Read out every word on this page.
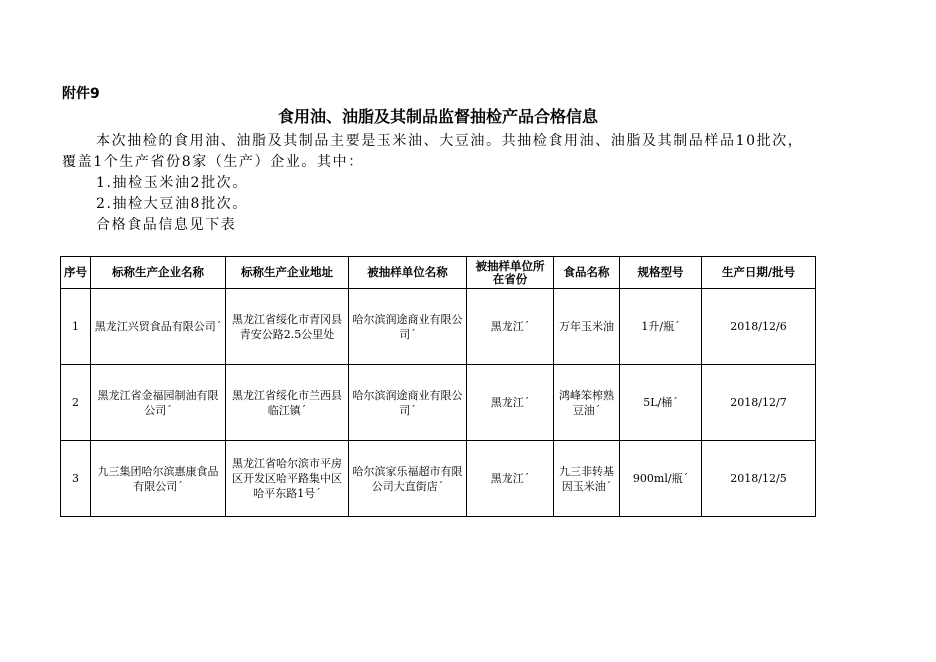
附件9
食用油、油脂及其制品监督抽检产品合格信息

本次抽检的食用油、油脂及其制品主要是玉米油、大豆油。共抽检食用油、油脂及其制品样品10批次，覆盖1个生产省份8家（生产）企业。其中：

1.抽检玉米油2批次。

2.抽检大豆油8批次。

合格食品信息见下表

序号	标称生产企业名称	标称生产企业地址	被抽样单位名称	被抽样单位所在省份	食品名称	规格型号	生产日期/批号
1	黑龙江兴贸食品有限公司´	黑龙江省绥化市青冈县青安公路2.5公里处	哈尔滨润途商业有限公司´	黑龙江´	万年玉米油	1升/瓶´	2018/12/6
2	黑龙江省金福园制油有限公司´	黑龙江省绥化市兰西县临江镇´	哈尔滨润途商业有限公司´	黑龙江´	鸿峰笨榨熟豆油´	5L/桶´	2018/12/7
3	九三集团哈尔滨惠康食品有限公司´	黑龙江省哈尔滨市平房区开发区哈平路集中区哈平东路1号´	哈尔滨家乐福超市有限公司大直街店´	黑龙江´	九三非转基因玉米油´	900ml/瓶´	2018/12/5
